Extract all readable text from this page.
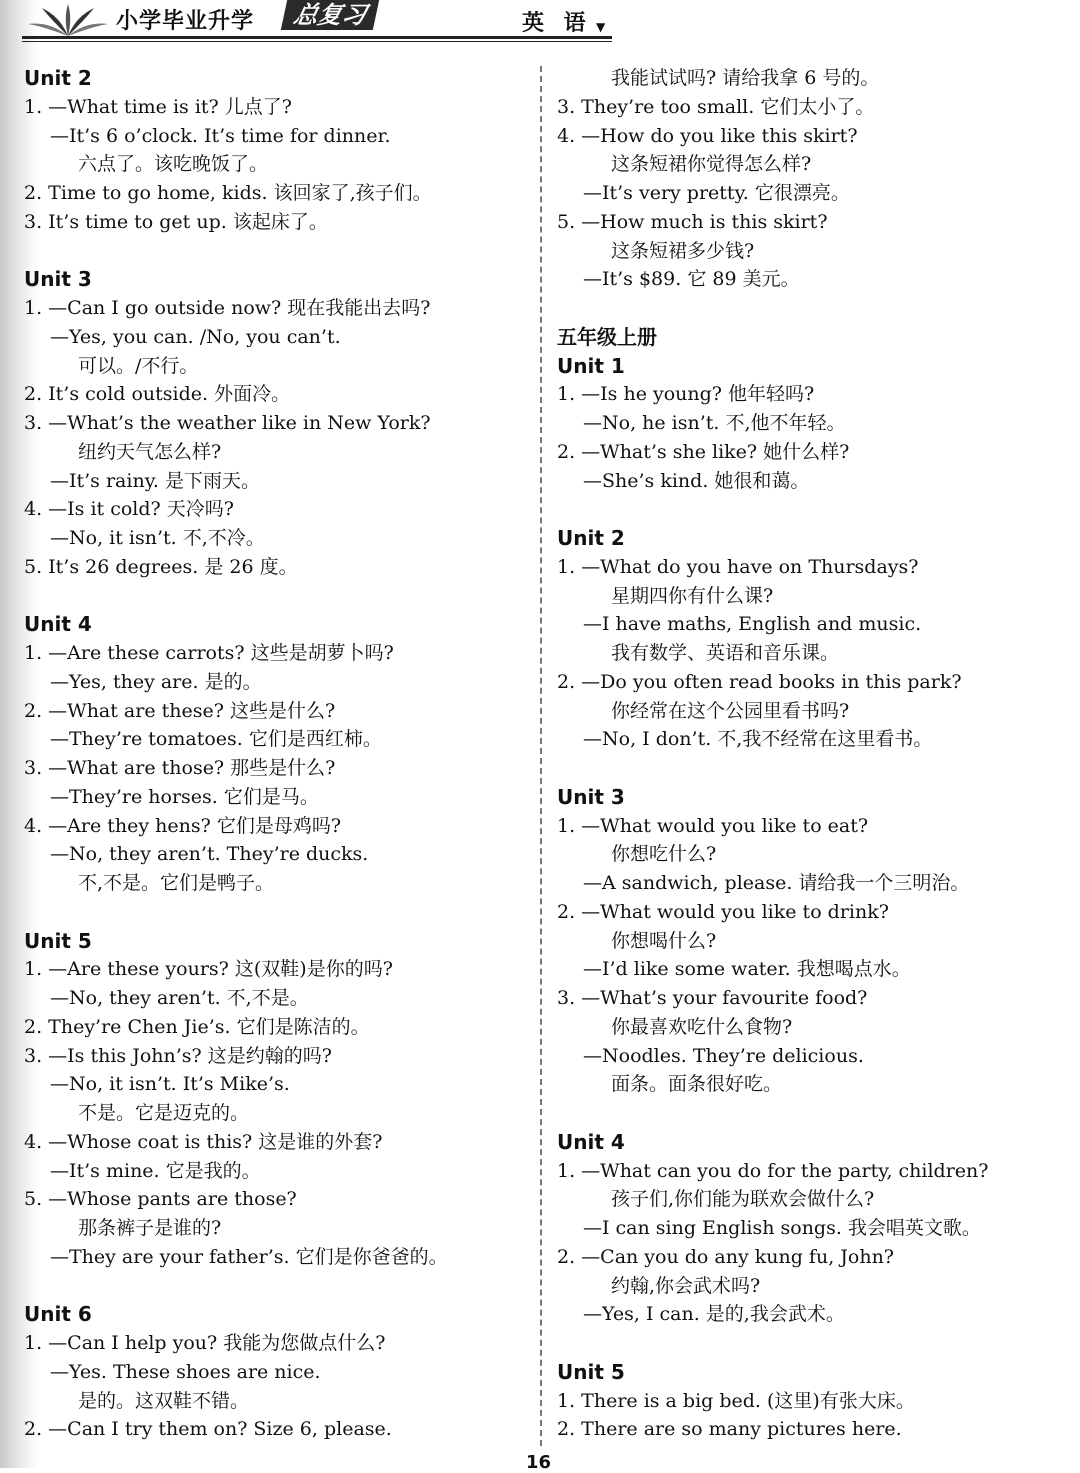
小学毕业升学	总复习	英 语 ▼
Unit 2
1. —What time is it? 儿点了?
—It’s 6 o’clock. It’s time for dinner.
六点了。该吃晚饭了。
2. Time to go home, kids. 该回家了,孩子们。
3. It’s time to get up. 该起床了。
Unit 3
1. —Can I go outside now? 现在我能出去吗?
—Yes, you can. /No, you can’t.
可以。/不行。
2. It’s cold outside. 外面冷。
3. —What’s the weather like in New York?
纽约天气怎么样?
—It’s rainy. 是下雨天。
4. —Is it cold? 天冷吗?
—No, it isn’t. 不,不冷。
5. It’s 26 degrees. 是 26 度。
Unit 4
1. —Are these carrots? 这些是胡萝卜吗?
—Yes, they are. 是的。
2. —What are these? 这些是什么?
—They’re tomatoes. 它们是西红柿。
3. —What are those? 那些是什么?
—They’re horses. 它们是马。
4. —Are they hens? 它们是母鸡吗?
—No, they aren’t. They’re ducks.
不,不是。它们是鸭子。
Unit 5
1. —Are these yours? 这(双鞋)是你的吗?
—No, they aren’t. 不,不是。
2. They’re Chen Jie’s. 它们是陈洁的。
3. —Is this John’s? 这是约翰的吗?
—No, it isn’t. It’s Mike’s.
不是。它是迈克的。
4. —Whose coat is this? 这是谁的外套?
—It’s mine. 它是我的。
5. —Whose pants are those?
那条裤子是谁的?
—They are your father’s. 它们是你爸爸的。
Unit 6
1. —Can I help you? 我能为您做点什么?
—Yes. These shoes are nice.
是的。这双鞋不错。
2. —Can I try them on? Size 6, please.
我能试试吗? 请给我拿 6 号的。
3. They’re too small. 它们太小了。
4. —How do you like this skirt?
这条短裙你觉得怎么样?
—It’s very pretty. 它很漂亮。
5. —How much is this skirt?
这条短裙多少钱?
—It’s $89. 它 89 美元。
五年级上册
Unit 1
1. —Is he young? 他年轻吗?
—No, he isn’t. 不,他不年轻。
2. —What’s she like? 她什么样?
—She’s kind. 她很和蔼。
Unit 2
1. —What do you have on Thursdays?
星期四你有什么课?
—I have maths, English and music.
我有数学、英语和音乐课。
2. —Do you often read books in this park?
你经常在这个公园里看书吗?
—No, I don’t. 不,我不经常在这里看书。
Unit 3
1. —What would you like to eat?
你想吃什么?
—A sandwich, please. 请给我一个三明治。
2. —What would you like to drink?
你想喝什么?
—I’d like some water. 我想喝点水。
3. —What’s your favourite food?
你最喜欢吃什么食物?
—Noodles. They’re delicious.
面条。面条很好吃。
Unit 4
1. —What can you do for the party, children?
孩子们,你们能为联欢会做什么?
—I can sing English songs. 我会唱英文歌。
2. —Can you do any kung fu, John?
约翰,你会武术吗?
—Yes, I can. 是的,我会武术。
Unit 5
1. There is a big bed. (这里)有张大床。
2. There are so many pictures here.
16
